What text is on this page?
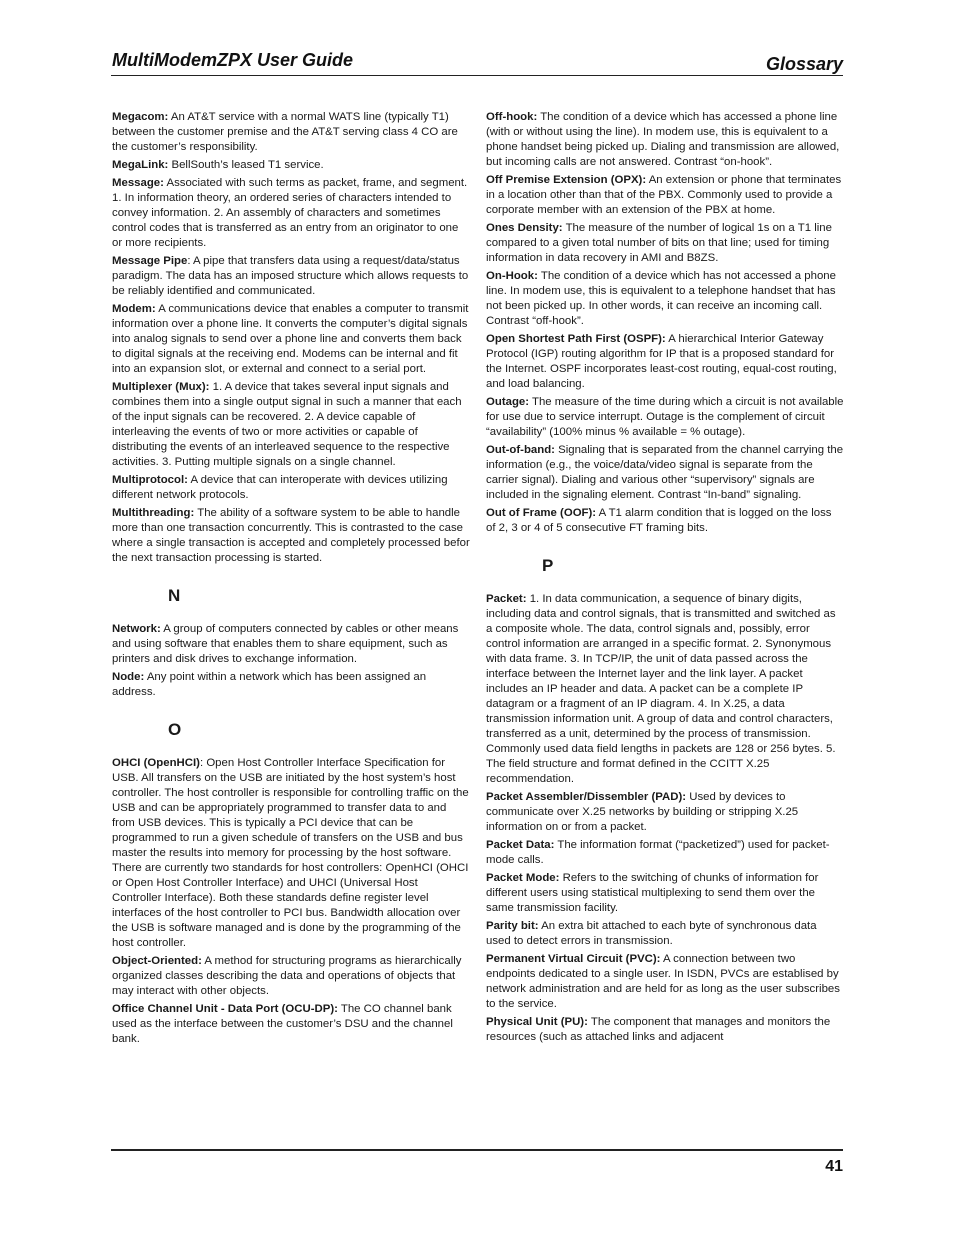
MultiModemZPX User Guide	Glossary
Megacom: An AT&T service with a normal WATS line (typically T1) between the customer premise and the AT&T serving class 4 CO are the customer’s responsibility.
MegaLink: BellSouth’s leased T1 service.
Message: Associated with such terms as packet, frame, and segment. 1. In information theory, an ordered series of characters intended to convey information. 2. An assembly of characters and sometimes control codes that is transferred as an entry from an originator to one or more recipients.
Message Pipe: A pipe that transfers data using a request/data/status paradigm. The data has an imposed structure which allows requests to be reliably identified and communicated.
Modem: A communications device that enables a computer to transmit information over a phone line. It converts the computer’s digital signals into analog signals to send over a phone line and converts them back to digital signals at the receiving end. Modems can be internal and fit into an expansion slot, or external and connect to a serial port.
Multiplexer (Mux): 1. A device that takes several input signals and combines them into a single output signal in such a manner that each of the input signals can be recovered. 2. A device capable of interleaving the events of two or more activities or capable of distributing the events of an interleaved sequence to the respective activities. 3. Putting multiple signals on a single channel.
Multiprotocol: A device that can interoperate with devices utilizing different network protocols.
Multithreading: The ability of a software system to be able to handle more than one transaction concurrently. This is contrasted to the case where a single transaction is accepted and completely processed befor the next transaction processing is started.
N
Network: A group of computers connected by cables or other means and using software that enables them to share equipment, such as printers and disk drives to exchange information.
Node: Any point within a network which has been assigned an address.
O
OHCI (OpenHCI): Open Host Controller Interface Specification for USB. All transfers on the USB are initiated by the host system’s host controller. The host controller is responsible for controlling traffic on the USB and can be appropriately programmed to transfer data to and from USB devices. This is typically a PCI device that can be programmed to run a given schedule of transfers on the USB and bus master the results into memory for processing by the host software. There are currently two standards for host controllers: OpenHCI (OHCI or Open Host Controller Interface) and UHCI (Universal Host Controller Interface). Both these standards define register level interfaces of the host controller to PCI bus. Bandwidth allocation over the USB is software managed and is done by the programming of the host controller.
Object-Oriented: A method for structuring programs as hierarchically organized classes describing the data and operations of objects that may interact with other objects.
Office Channel Unit - Data Port (OCU-DP): The CO channel bank used as the interface between the customer’s DSU and the channel bank.
Off-hook: The condition of a device which has accessed a phone line (with or without using the line). In modem use, this is equivalent to a phone handset being picked up. Dialing and transmission are allowed, but incoming calls are not answered. Contrast “on-hook”.
Off Premise Extension (OPX): An extension or phone that terminates in a location other than that of the PBX. Commonly used to provide a corporate member with an extension of the PBX at home.
Ones Density: The measure of the number of logical 1s on a T1 line compared to a given total number of bits on that line; used for timing information in data recovery in AMI and B8ZS.
On-Hook: The condition of a device which has not accessed a phone line. In modem use, this is equivalent to a telephone handset that has not been picked up. In other words, it can receive an incoming call. Contrast “off-hook”.
Open Shortest Path First (OSPF): A hierarchical Interior Gateway Protocol (IGP) routing algorithm for IP that is a proposed standard for the Internet. OSPF incorporates least-cost routing, equal-cost routing, and load balancing.
Outage: The measure of the time during which a circuit is not available for use due to service interrupt. Outage is the complement of circuit “availability” (100% minus % available = % outage).
Out-of-band: Signaling that is separated from the channel carrying the information (e.g., the voice/data/video signal is separate from the carrier signal). Dialing and various other “supervisory” signals are included in the signaling element. Contrast “In-band” signaling.
Out of Frame (OOF): A T1 alarm condition that is logged on the loss of 2, 3 or 4 of 5 consecutive FT framing bits.
P
Packet: 1. In data communication, a sequence of binary digits, including data and control signals, that is transmitted and switched as a composite whole. The data, control signals and, possibly, error control information are arranged in a specific format. 2. Synonymous with data frame. 3. In TCP/IP, the unit of data passed across the interface between the Internet layer and the link layer. A packet includes an IP header and data. A packet can be a complete IP datagram or a fragment of an IP diagram. 4. In X.25, a data transmission information unit. A group of data and control characters, transferred as a unit, determined by the process of transmission. Commonly used data field lengths in packets are 128 or 256 bytes. 5. The field structure and format defined in the CCITT X.25 recommendation.
Packet Assembler/Dissembler (PAD): Used by devices to communicate over X.25 networks by building or stripping X.25 information on or from a packet.
Packet Data: The information format (“packetized”) used for packet-mode calls.
Packet Mode: Refers to the switching of chunks of information for different users using statistical multiplexing to send them over the same transmission facility.
Parity bit: An extra bit attached to each byte of synchronous data used to detect errors in transmission.
Permanent Virtual Circuit (PVC): A connection between two endpoints dedicated to a single user. In ISDN, PVCs are establised by network administration and are held for as long as the user subscribes to the service.
Physical Unit (PU): The component that manages and monitors the resources (such as attached links and adjacent
41
